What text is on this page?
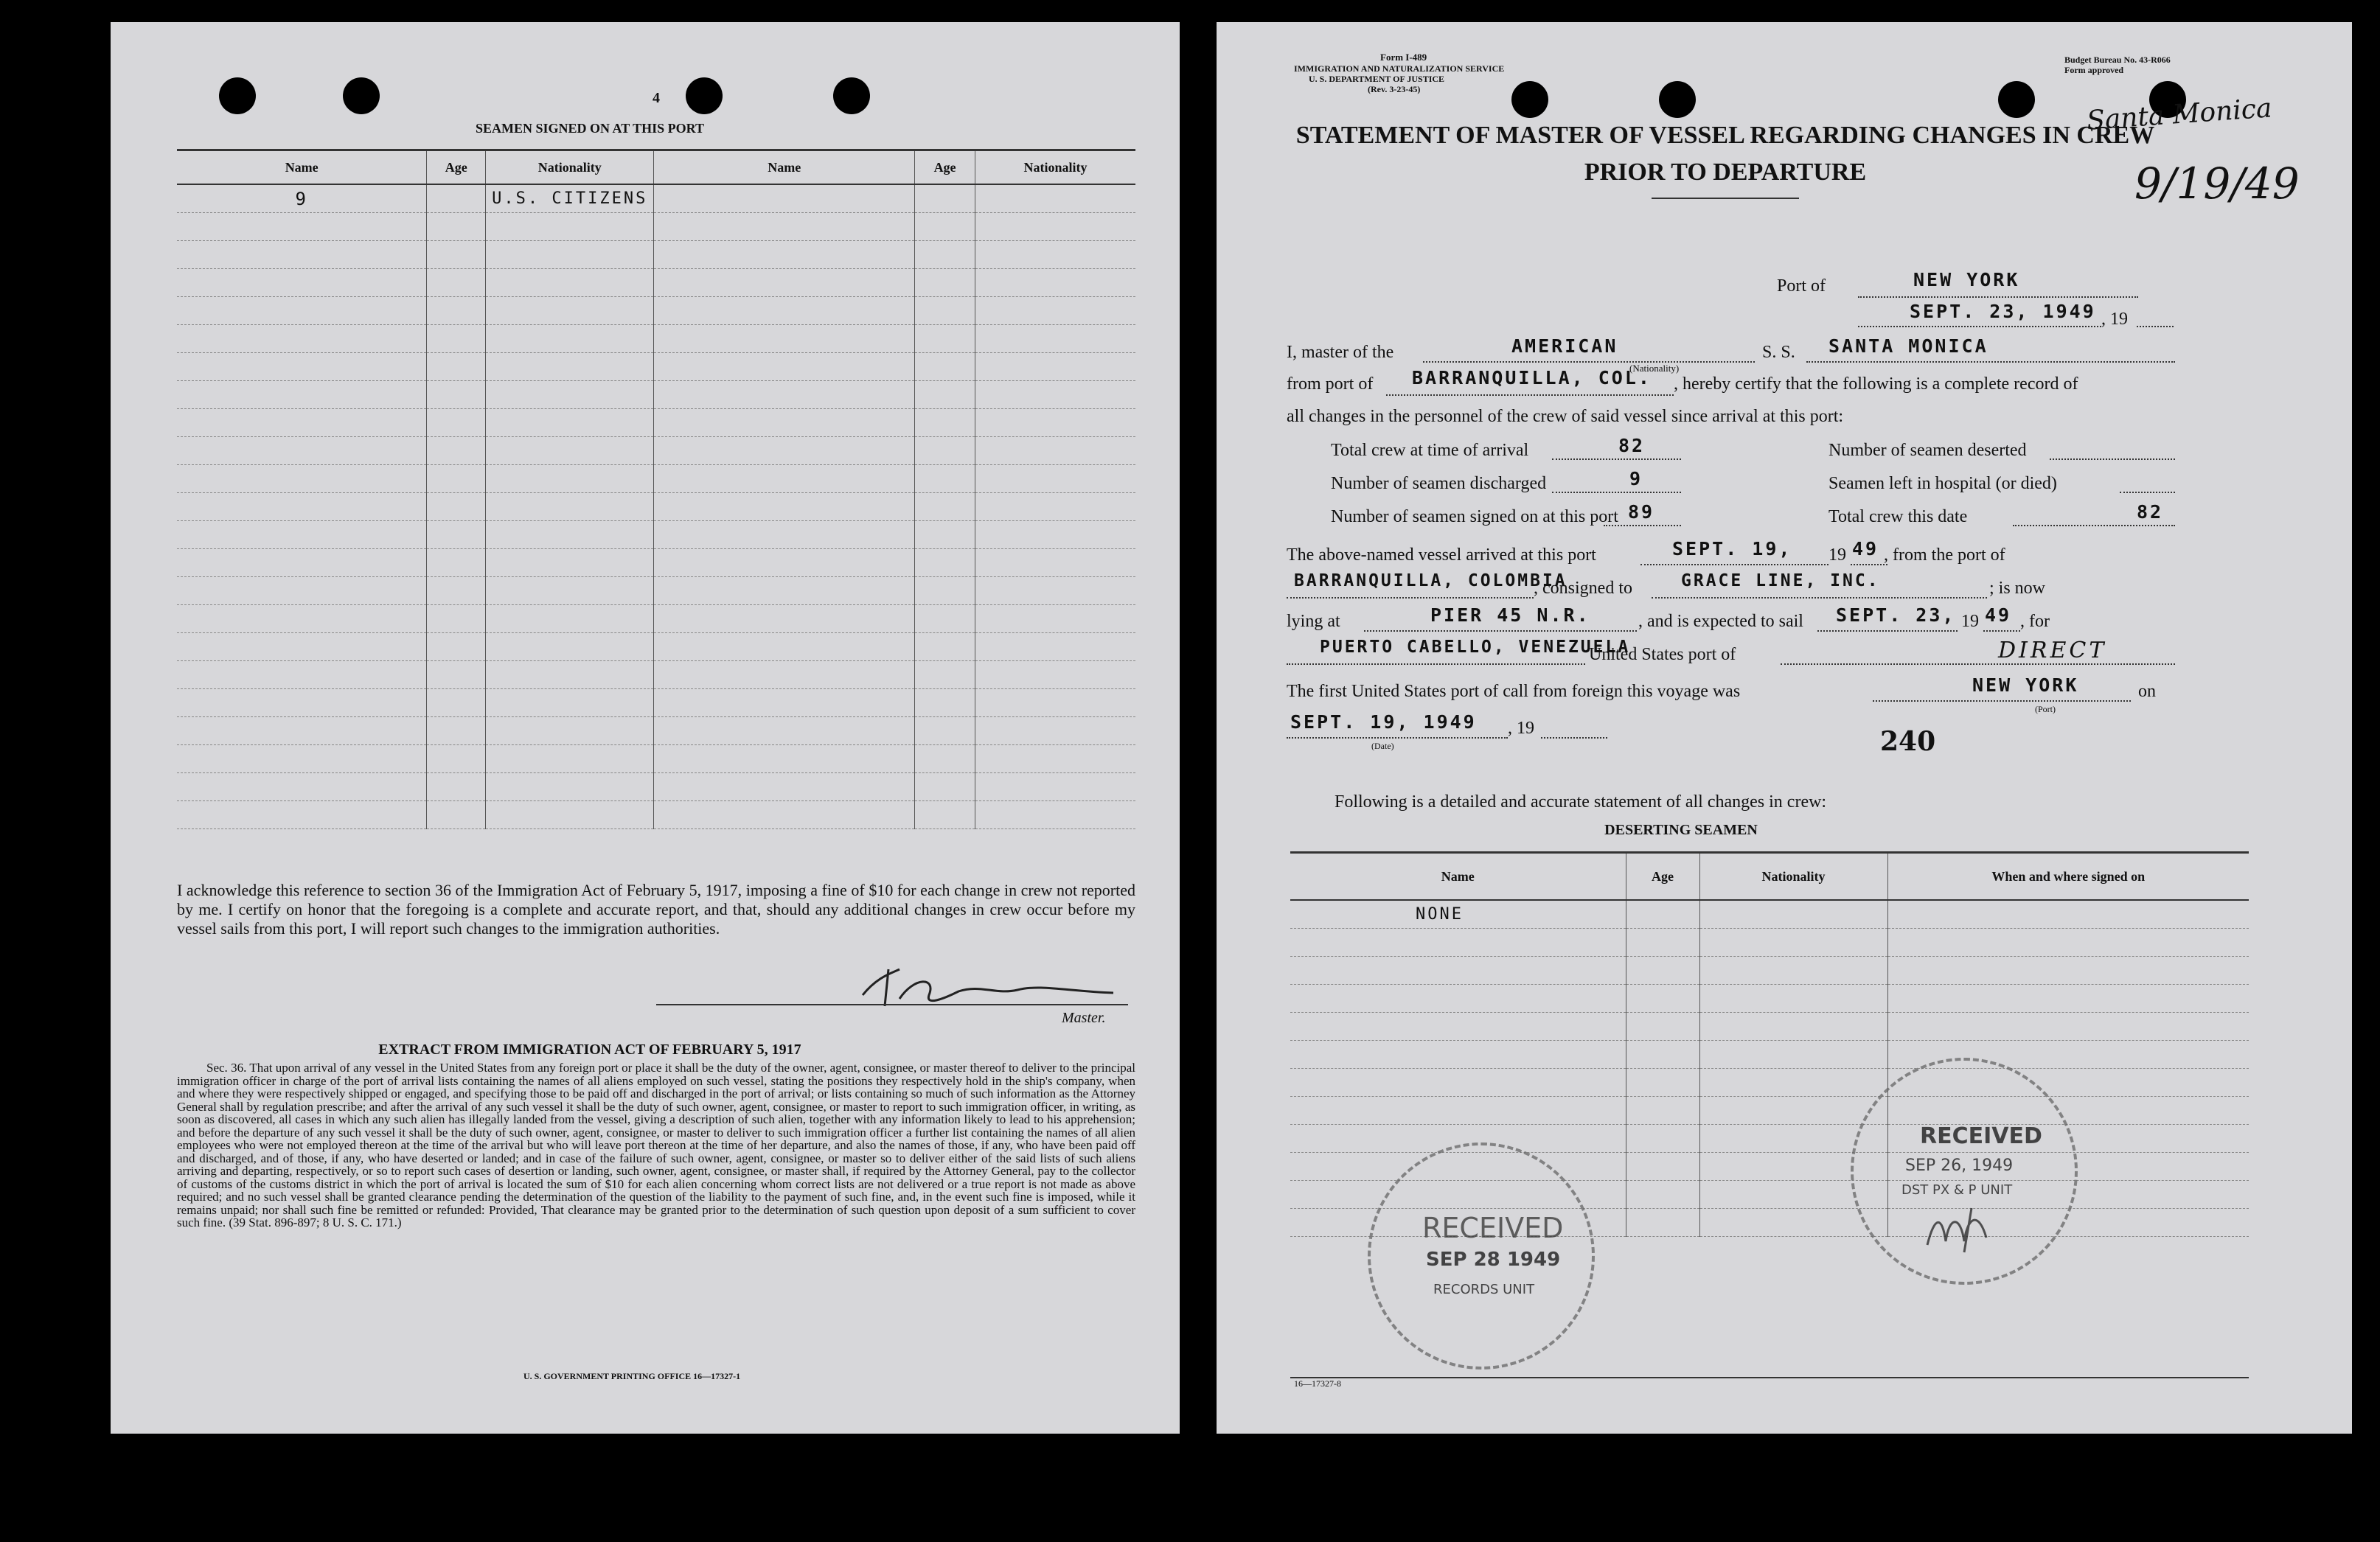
4
SEAMEN SIGNED ON AT THIS PORT
Name	Age	Nationality	Name	Age	Nationality
9		U.S. CITIZENS			

I acknowledge this reference to section 36 of the Immigration Act of February 5, 1917, imposing a fine of $10 for each change in crew not reported by me. I certify on honor that the foregoing is a complete and accurate report, and that, should any additional changes in crew occur before my vessel sails from this port, I will report such changes to the immigration authorities.
Master.
EXTRACT FROM IMMIGRATION ACT OF FEBRUARY 5, 1917
Sec. 36. That upon arrival of any vessel in the United States from any foreign port or place it shall be the duty of the owner, agent, consignee, or master thereof to deliver to the principal immigration officer in charge of the port of arrival lists containing the names of all aliens employed on such vessel, stating the positions they respectively hold in the ship's company, when and where they were respectively shipped or engaged, and specifying those to be paid off and discharged in the port of arrival; or lists containing so much of such information as the Attorney General shall by regulation prescribe; and after the arrival of any such vessel it shall be the duty of such owner, agent, consignee, or master to report to such immigration officer, in writing, as soon as discovered, all cases in which any such alien has illegally landed from the vessel, giving a description of such alien, together with any information likely to lead to his apprehension; and before the departure of any such vessel it shall be the duty of such owner, agent, consignee, or master to deliver to such immigration officer a further list containing the names of all alien employees who were not employed thereon at the time of the arrival but who will leave port thereon at the time of her departure, and also the names of those, if any, who have been paid off and discharged, and of those, if any, who have deserted or landed; and in case of the failure of such owner, agent, consignee, or master so to deliver either of the said lists of such aliens arriving and departing, respectively, or so to report such cases of desertion or landing, such owner, agent, consignee, or master shall, if required by the Attorney General, pay to the collector of customs of the customs district in which the port of arrival is located the sum of $10 for each alien concerning whom correct lists are not delivered or a true report is not made as above required; and no such vessel shall be granted clearance pending the determination of the question of the liability to the payment of such fine, and, in the event such fine is imposed, while it remains unpaid; nor shall such fine be remitted or refunded: Provided, That clearance may be granted prior to the determination of such question upon deposit of a sum sufficient to cover such fine. (39 Stat. 896-897; 8 U. S. C. 171.)
U. S. GOVERNMENT PRINTING OFFICE 16—17327-1
Form I-489
IMMIGRATION AND NATURALIZATION SERVICE
U. S. DEPARTMENT OF JUSTICE
(Rev. 3-23-45)
Budget Bureau No. 43-R066
Form approved
Santa Monica
9/19/49
STATEMENT OF MASTER OF VESSEL REGARDING CHANGES IN CREW
PRIOR TO DEPARTURE
Port of	NEW YORK
SEPT. 23, 1949 , 19
I, master of the	AMERICAN
(Nationality)
S. S. SANTA MONICA
from port of BARRANQUILLA, COL. , hereby certify that the following is a complete record of
all changes in the personnel of the crew of said vessel since arrival at this port:
Total crew at time of arrival	82
Number of seamen discharged	9
Number of seamen signed on at this port 89
Number of seamen deserted
Seamen left in hospital (or died)
Total crew this date	82
The above-named vessel arrived at this port	SEPT. 19, 19 49 , from the port of
BARRANQUILLA, COLOMBIA
, consigned to	GRACE LINE, INC.	; is now
lying at	PIER 45 N.R.	, and is expected to sail SEPT. 23, 19 49 , for
PUERTO CABELLO, VENEZUELA
United States port of	DIRECT
The first United States port of call from foreign this voyage was	NEW YORK
(Port)
on
SEPT. 19, 1949
(Date)
, 19	240
Following is a detailed and accurate statement of all changes in crew:
DESERTING SEAMEN
Name	Age	Nationality	When and where signed on
NONE			

RECEIVED
SEP 28 1949
RECORDS UNIT
RECEIVED
SEP 26, 1949
DST PX & P UNIT
16—17327-8
